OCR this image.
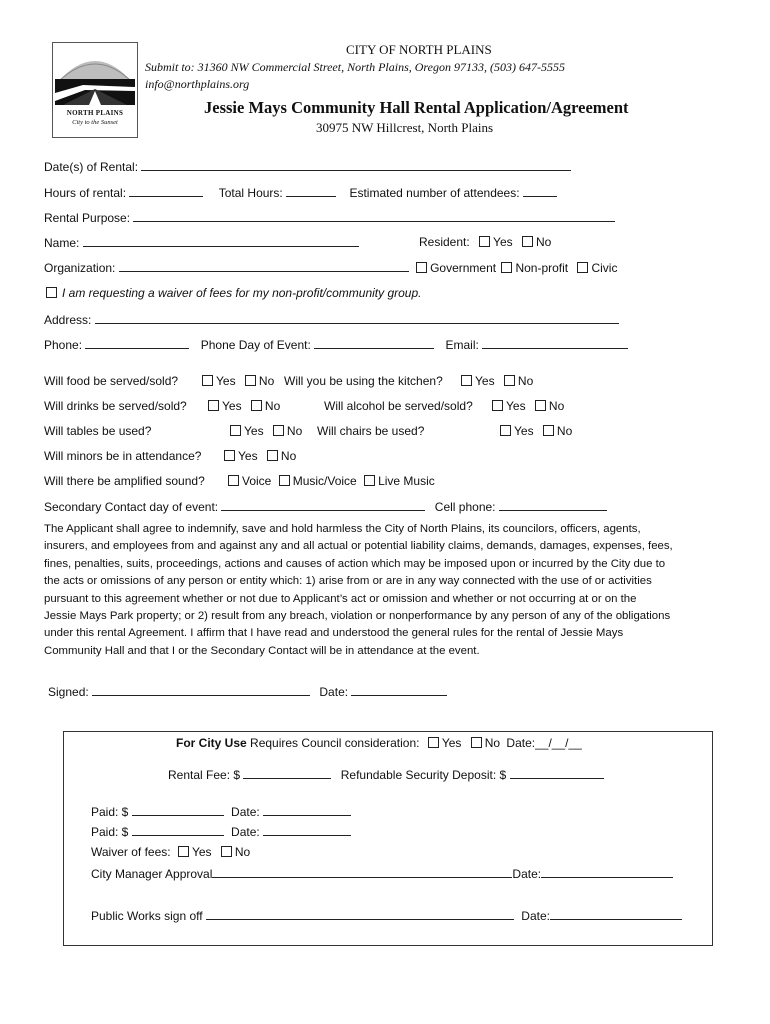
NORTH PLAINS
City to the Sunset
CITY OF NORTH PLAINS
Submit to: 31360 NW Commercial Street, North Plains, Oregon 97133, (503) 647-5555
info@northplains.org
Jessie Mays Community Hall Rental Application/Agreement
30975 NW Hillcrest, North Plains
Date(s) of Rental:
Hours of rental:	Total Hours:	Estimated number of attendees:
Rental Purpose:
Name:	Resident: Yes No
Organization:	Government Non-profit Civic
I am requesting a waiver of fees for my non-profit/community group.
Address:
Phone:	Phone Day of Event:	Email:
Will food be served/sold?	Yes No Will you be using the kitchen?	Yes No
Will drinks be served/sold?	Yes No	Will alcohol be served/sold?	Yes No
Will tables be used?	Yes No Will chairs be used?	Yes No
Will minors be in attendance?	Yes No
Will there be amplified sound?	Voice Music/Voice Live Music
Secondary Contact day of event:	Cell phone:
The Applicant shall agree to indemnify, save and hold harmless the City of North Plains, its councilors, officers, agents,
insurers, and employees from and against any and all actual or potential liability claims, demands, damages, expenses, fees,
fines, penalties, suits, proceedings, actions and causes of action which may be imposed upon or incurred by the City due to
the acts or omissions of any person or entity which: 1) arise from or are in any way connected with the use of or activities
pursuant to this agreement whether or not due to Applicant’s act or omission and whether or not occurring at or on the
Jessie Mays Park property; or 2) result from any breach, violation or nonperformance by any person of any of the obligations
under this rental Agreement. I affirm that I have read and understood the general rules for the rental of Jessie Mays
Community Hall and that I or the Secondary Contact will be in attendance at the event.
Signed:	Date:
For City Use Requires Council consideration: Yes No Date:__/__/__
Rental Fee: $	Refundable Security Deposit: $
Paid: $	Date:
Paid: $	Date:
Waiver of fees: Yes No
City Manager Approval	Date:
Public Works sign off	Date:
